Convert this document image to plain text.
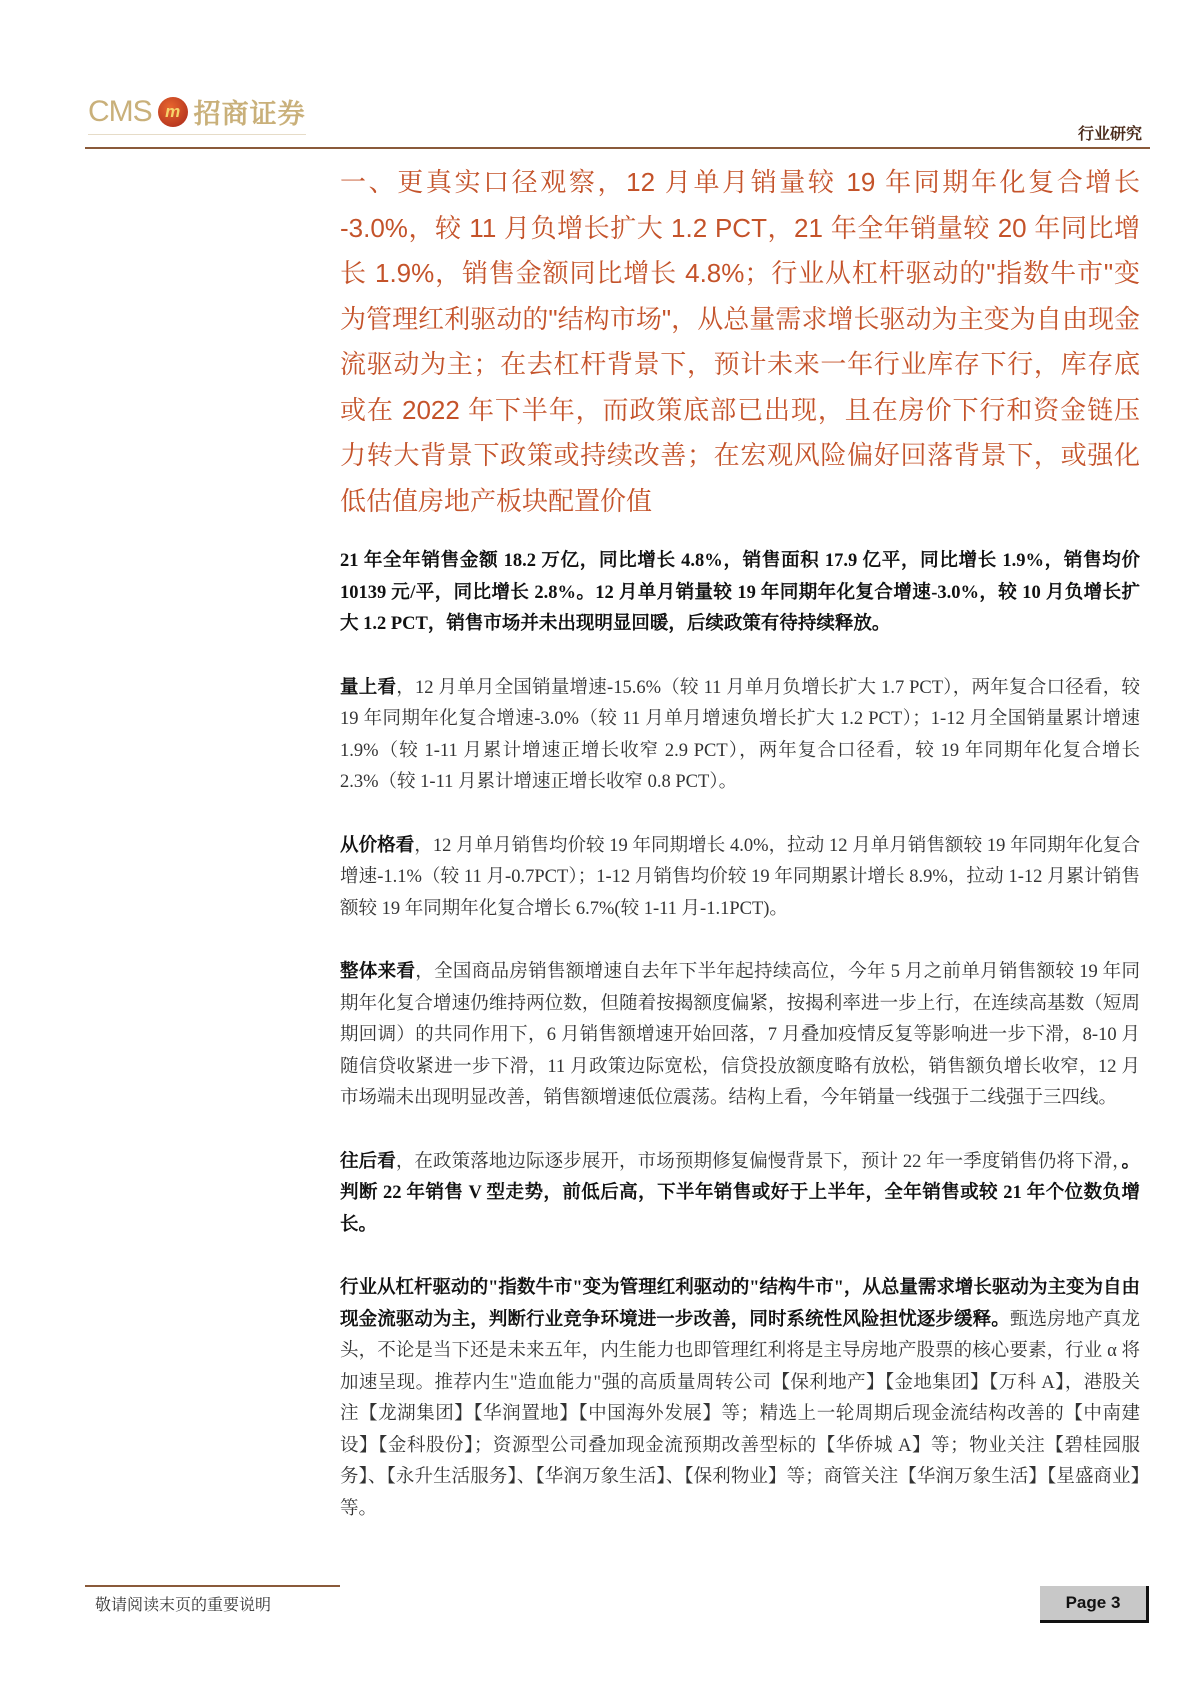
CMS m 招商证券
行业研究
一、更真实口径观察，12 月单月销量较 19 年同期年化复合增长 -3.0%，较 11 月负增长扩大 1.2 PCT，21 年全年销量较 20 年同比增长 1.9%，销售金额同比增长 4.8%；行业从杠杆驱动的"指数牛市"变为管理红利驱动的"结构市场"，从总量需求增长驱动为主变为自由现金流驱动为主；在去杠杆背景下，预计未来一年行业库存下行，库存底或在 2022 年下半年，而政策底部已出现，且在房价下行和资金链压力转大背景下政策或持续改善；在宏观风险偏好回落背景下，或强化低估值房地产板块配置价值

21 年全年销售金额 18.2 万亿，同比增长 4.8%，销售面积 17.9 亿平，同比增长 1.9%，销售均价10139 元/平，同比增长 2.8%。12 月单月销量较 19 年同期年化复合增速-3.0%，较 10 月负增长扩大 1.2 PCT，销售市场并未出现明显回暖，后续政策有待持续释放。

量上看，12 月单月全国销量增速-15.6%（较 11 月单月负增长扩大 1.7 PCT），两年复合口径看，较 19 年同期年化复合增速-3.0%（较 11 月单月增速负增长扩大 1.2 PCT）；1-12 月全国销量累计增速 1.9%（较 1-11 月累计增速正增长收窄 2.9 PCT），两年复合口径看，较 19 年同期年化复合增长 2.3%（较 1-11 月累计增速正增长收窄 0.8 PCT）。

从价格看，12 月单月销售均价较 19 年同期增长 4.0%，拉动 12 月单月销售额较 19 年同期年化复合增速-1.1%（较 11 月-0.7PCT）；1-12 月销售均价较 19 年同期累计增长 8.9%，拉动 1-12 月累计销售额较 19 年同期年化复合增长 6.7%(较 1-11 月-1.1PCT)。

整体来看，全国商品房销售额增速自去年下半年起持续高位，今年 5 月之前单月销售额较 19 年同期年化复合增速仍维持两位数，但随着按揭额度偏紧，按揭利率进一步上行，在连续高基数（短周期回调）的共同作用下，6 月销售额增速开始回落，7 月叠加疫情反复等影响进一步下滑，8-10 月随信贷收紧进一步下滑，11 月政策边际宽松，信贷投放额度略有放松，销售额负增长收窄，12 月市场端未出现明显改善，销售额增速低位震荡。结构上看，今年销量一线强于二线强于三四线。

往后看，在政策落地边际逐步展开，市场预期修复偏慢背景下，预计 22 年一季度销售仍将下滑，。判断 22 年销售 V 型走势，前低后高，下半年销售或好于上半年，全年销售或较 21 年个位数负增长。

行业从杠杆驱动的"指数牛市"变为管理红利驱动的"结构牛市"，从总量需求增长驱动为主变为自由现金流驱动为主，判断行业竞争环境进一步改善，同时系统性风险担忧逐步缓释。甄选房地产真龙头，不论是当下还是未来五年，内生能力也即管理红利将是主导房地产股票的核心要素，行业 α 将加速呈现。推荐内生"造血能力"强的高质量周转公司【保利地产】【金地集团】【万科 A】，港股关注【龙湖集团】【华润置地】【中国海外发展】等；精选上一轮周期后现金流结构改善的【中南建设】【金科股份】；资源型公司叠加现金流预期改善型标的【华侨城 A】等；物业关注【碧桂园服务】、【永升生活服务】、【华润万象生活】、【保利物业】等；商管关注【华润万象生活】【星盛商业】等。

敬请阅读末页的重要说明	Page 3
